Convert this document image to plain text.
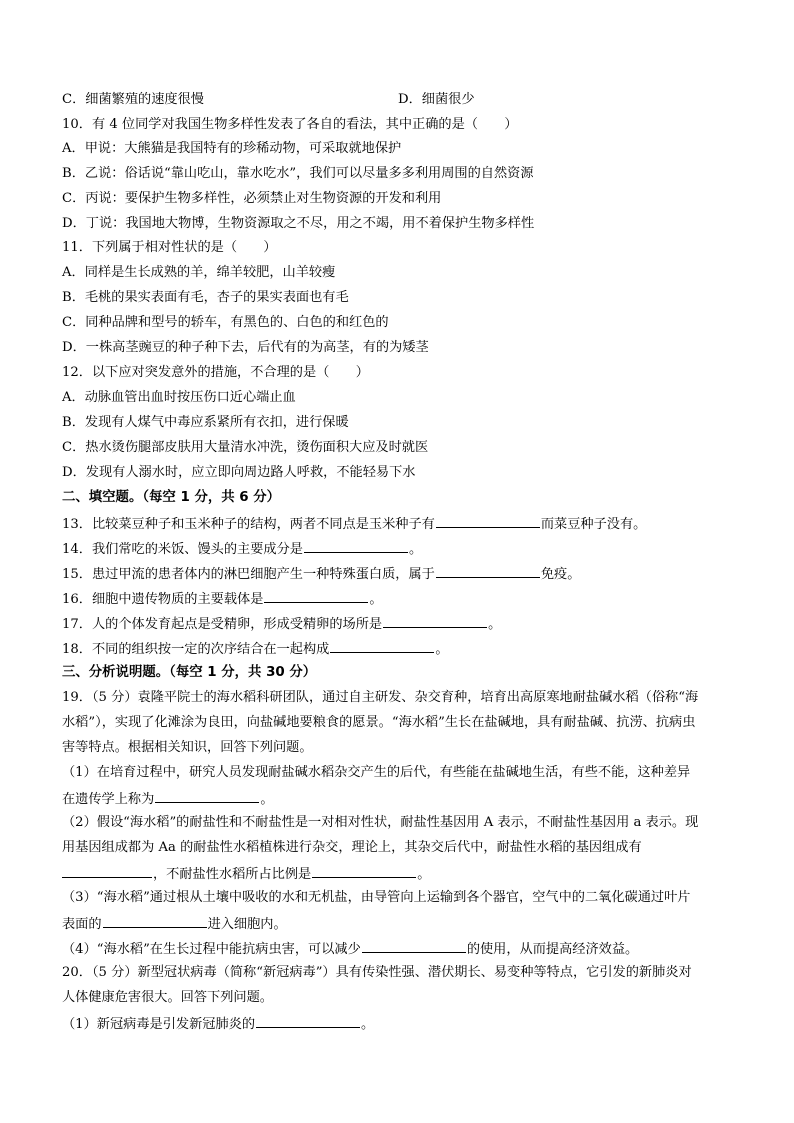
C．细菌繁殖的速度很慢	D．细菌很少
10．有 4 位同学对我国生物多样性发表了各自的看法，其中正确的是（　　）
A．甲说：大熊猫是我国特有的珍稀动物，可采取就地保护
B．乙说：俗话说“靠山吃山，靠水吃水”，我们可以尽量多多利用周围的自然资源
C．丙说：要保护生物多样性，必须禁止对生物资源的开发和利用
D．丁说：我国地大物博，生物资源取之不尽，用之不竭，用不着保护生物多样性
11．下列属于相对性状的是（　　）
A．同样是生长成熟的羊，绵羊较肥，山羊较瘦
B．毛桃的果实表面有毛，杏子的果实表面也有毛
C．同种品牌和型号的轿车，有黑色的、白色的和红色的
D．一株高茎豌豆的种子种下去，后代有的为高茎，有的为矮茎
12．以下应对突发意外的措施，不合理的是（　　）
A．动脉血管出血时按压伤口近心端止血
B．发现有人煤气中毒应系紧所有衣扣，进行保暖
C．热水烫伤腿部皮肤用大量清水冲洗，烫伤面积大应及时就医
D．发现有人溺水时，应立即向周边路人呼救，不能轻易下水
二、填空题。（每空 1 分，共 6 分）
13．比较菜豆种子和玉米种子的结构，两者不同点是玉米种子有	而菜豆种子没有。
14．我们常吃的米饭、馒头的主要成分是	。
15．患过甲流的患者体内的淋巴细胞产生一种特殊蛋白质，属于	免疫。
16．细胞中遗传物质的主要载体是	。
17．人的个体发育起点是受精卵，形成受精卵的场所是	。
18．不同的组织按一定的次序结合在一起构成	。
三、分析说明题。（每空 1 分，共 30 分）
19．（5 分）袁隆平院士的海水稻科研团队，通过自主研发、杂交育种，培育出高原寒地耐盐碱水稻（俗称“海
水稻”），实现了化滩涂为良田，向盐碱地要粮食的愿景。“海水稻”生长在盐碱地，具有耐盐碱、抗涝、抗病虫
害等特点。根据相关知识，回答下列问题。
（1）在培育过程中，研究人员发现耐盐碱水稻杂交产生的后代，有些能在盐碱地生活，有些不能，这种差异
在遗传学上称为	。
（2）假设“海水稻”的耐盐性和不耐盐性是一对相对性状，耐盐性基因用 A 表示，不耐盐性基因用 a 表示。现
用基因组成都为 Aa 的耐盐性水稻植株进行杂交，理论上，其杂交后代中，耐盐性水稻的基因组成有
，不耐盐性水稻所占比例是	。
（3）“海水稻”通过根从土壤中吸收的水和无机盐，由导管向上运输到各个器官，空气中的二氧化碳通过叶片
表面的	进入细胞内。
（4）“海水稻”在生长过程中能抗病虫害，可以减少	的使用，从而提高经济效益。
20．（5 分）新型冠状病毒（简称“新冠病毒”）具有传染性强、潜伏期长、易变种等特点，它引发的新肺炎对
人体健康危害很大。回答下列问题。
（1）新冠病毒是引发新冠肺炎的	。
